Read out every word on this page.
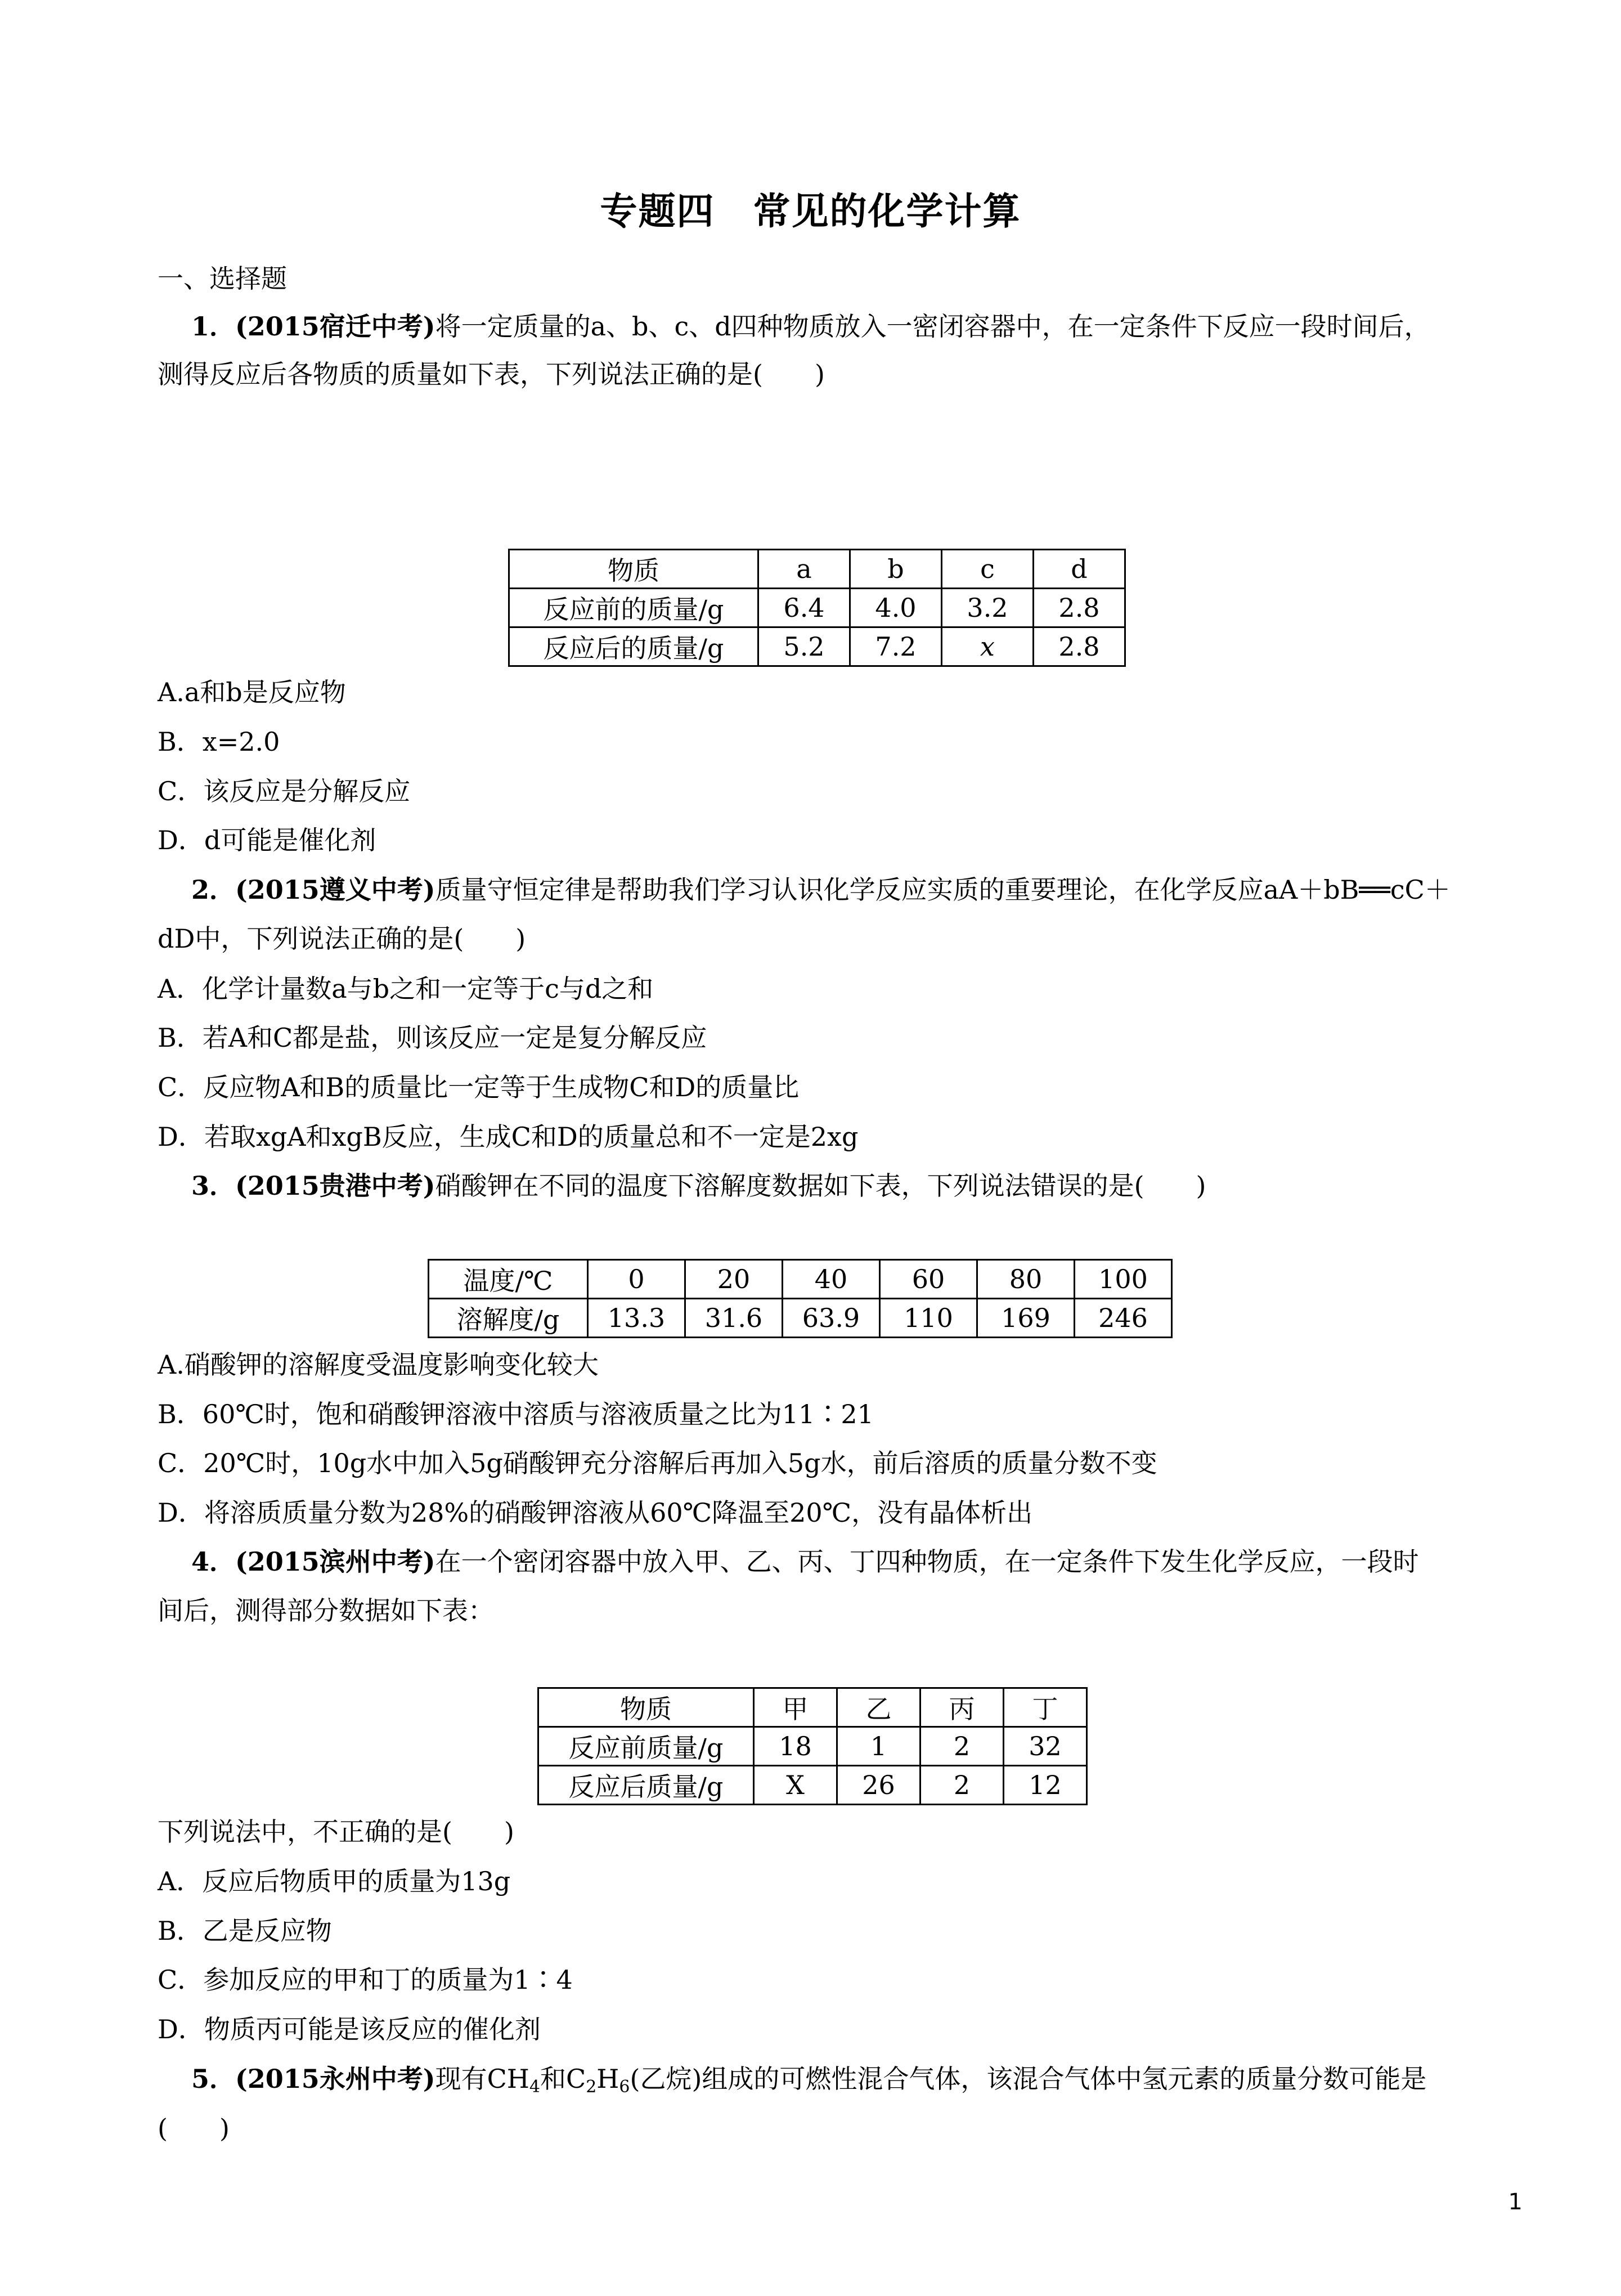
专题四　常见的化学计算
一、选择题
1．(2015宿迁中考)将一定质量的a、b、c、d四种物质放入一密闭容器中，在一定条件下反应一段时间后，
测得反应后各物质的质量如下表，下列说法正确的是(　　)
物质	a	b	c	d
反应前的质量/g	6.4	4.0	3.2	2.8
反应后的质量/g	5.2	7.2	x	2.8
A.a和b是反应物
B．x=2.0
C．该反应是分解反应
D．d可能是催化剂
2．(2015遵义中考)质量守恒定律是帮助我们学习认识化学反应实质的重要理论，在化学反应aA＋bB══cC＋
dD中，下列说法正确的是(　　)
A．化学计量数a与b之和一定等于c与d之和
B．若A和C都是盐，则该反应一定是复分解反应
C．反应物A和B的质量比一定等于生成物C和D的质量比
D．若取xgA和xgB反应，生成C和D的质量总和不一定是2xg
3．(2015贵港中考)硝酸钾在不同的温度下溶解度数据如下表，下列说法错误的是(　　)
温度/℃	0	20	40	60	80	100
溶解度/g	13.3	31.6	63.9	110	169	246
A.硝酸钾的溶解度受温度影响变化较大
B．60℃时，饱和硝酸钾溶液中溶质与溶液质量之比为11∶21
C．20℃时，10g水中加入5g硝酸钾充分溶解后再加入5g水，前后溶质的质量分数不变
D．将溶质质量分数为28%的硝酸钾溶液从60℃降温至20℃，没有晶体析出
4．(2015滨州中考)在一个密闭容器中放入甲、乙、丙、丁四种物质，在一定条件下发生化学反应，一段时
间后，测得部分数据如下表：
物质	甲	乙	丙	丁
反应前质量/g	18	1	2	32
反应后质量/g	X	26	2	12
下列说法中，不正确的是(　　)
A．反应后物质甲的质量为13g
B．乙是反应物
C．参加反应的甲和丁的质量为1∶4
D．物质丙可能是该反应的催化剂
5．(2015永州中考)现有$CH_4$和$C_2H_6$(乙烷)组成的可燃性混合气体，该混合气体中氢元素的质量分数可能是
(　　)
1
